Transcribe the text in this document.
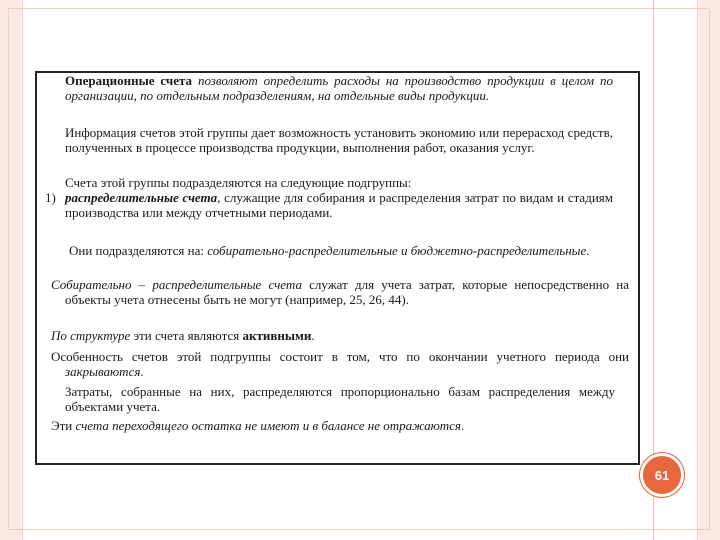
Операционные счета позволяют определить расходы на производство продукции в целом по организации, по отдельным подразделениям, на отдельные виды продукции.
Информация счетов этой группы дает возможность установить экономию или перерасход средств, полученных в процессе производства продукции, выполнения работ, оказания услуг.
Счета этой группы подразделяются на следующие подгруппы:
1) распределительные счета, служащие для собирания и распределения затрат по видам и стадиям производства или между отчетными периодами.
Они подразделяются на: собирательно-распределительные и бюджетно-распределительные.
Собирательно – распределительные счета служат для учета затрат, которые непосредственно на объекты учета отнесены быть не могут (например, 25, 26, 44).
По структуре эти счета являются активными.
Особенность счетов этой подгруппы состоит в том, что по окончании учетного периода они закрываются.
Затраты, собранные на них, распределяются пропорционально базам распределения между объектами учета.
Эти счета переходящего остатка не имеют и в балансе не отражаются.
61
